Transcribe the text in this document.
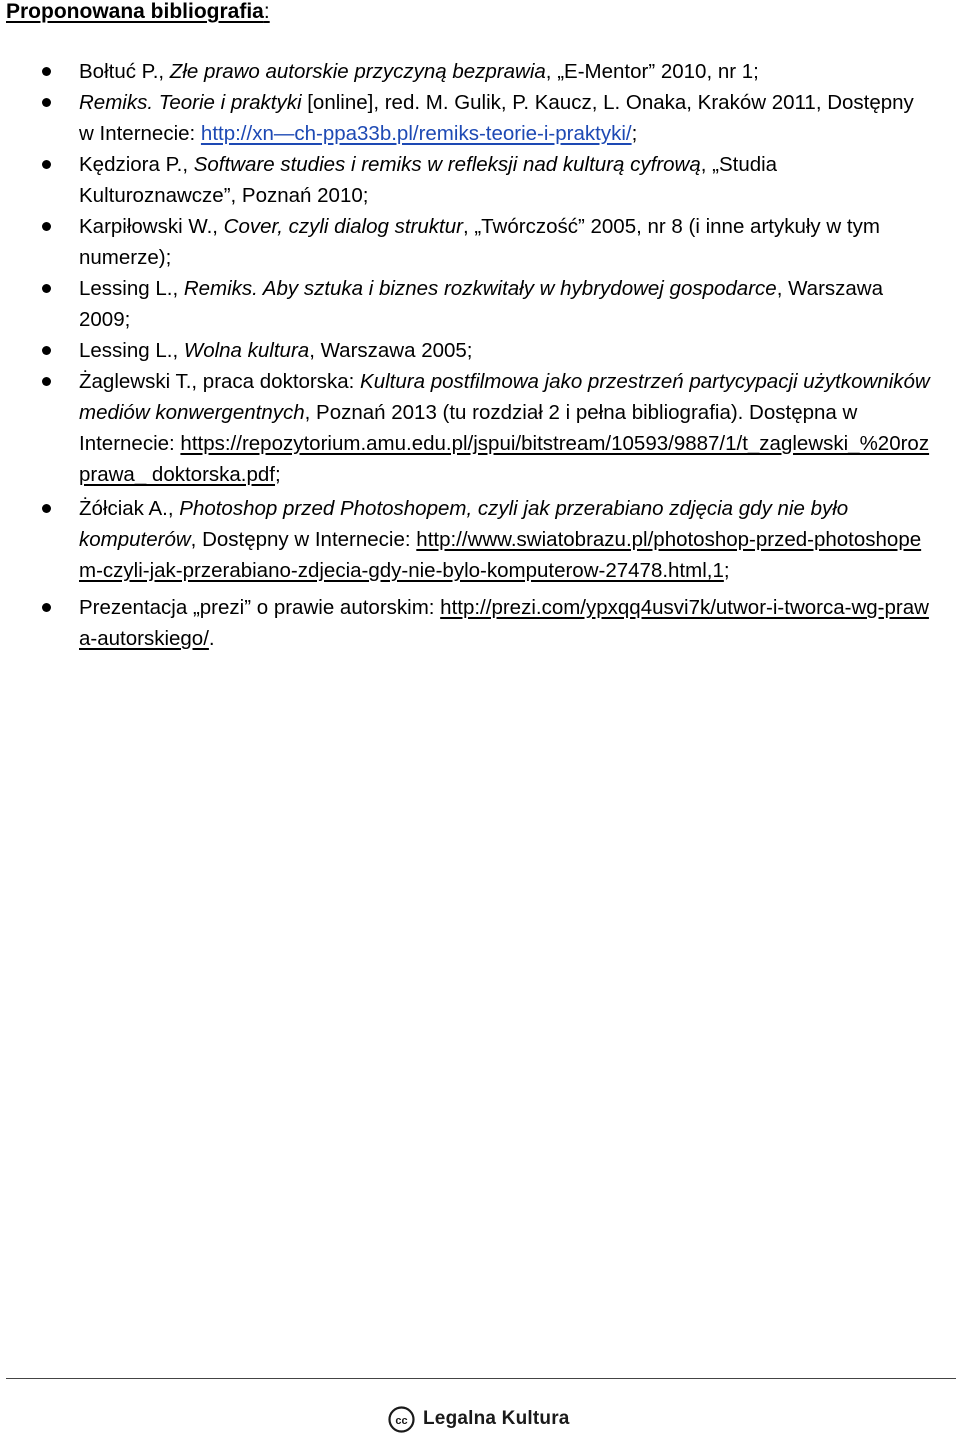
Proponowana bibliografia:
Bołtuć P., Złe prawo autorskie przyczyną bezprawia, „E-Mentor” 2010, nr 1;
Remiks. Teorie i praktyki [online], red. M. Gulik, P. Kaucz, L. Onaka, Kraków 2011, Dostępny w Internecie: http://xn—ch-ppa33b.pl/remiks-teorie-i-praktyki/;
Kędziora P., Software studies i remiks w refleksji nad kulturą cyfrową, „Studia Kulturoznawcze”, Poznań 2010;
Karpiłowski W., Cover, czyli dialog struktur, „Twórczość” 2005, nr 8 (i inne artykuły w tym numerze);
Lessing L., Remiks. Aby sztuka i biznes rozkwitały w hybrydowej gospodarce, Warszawa 2009;
Lessing L., Wolna kultura, Warszawa 2005;
Żaglewski T., praca doktorska: Kultura postfilmowa jako przestrzeń partycypacji użytkowników mediów konwergentnych, Poznań 2013 (tu rozdział 2 i pełna bibliografia). Dostępna w Internecie: https://repozytorium.amu.edu.pl/jspui/bitstream/10593/9887/1/t_zaglewski_%20rozprawa_ doktorska.pdf;
Żółciak A., Photoshop przed Photoshopem, czyli jak przerabiano zdjęcia gdy nie było komputerów, Dostępny w Internecie: http://www.swiatobrazu.pl/photoshop-przed-photoshopem-czyli-jak-przerabiano-zdjecia-gdy-nie-bylo-komputerow-27478.html,1;
Prezentacja „prezi” o prawie autorskim: http://prezi.com/ypxqq4usvi7k/utwor-i-tworca-wg-prawa-autorskiego/.
cc Legalna Kultura
